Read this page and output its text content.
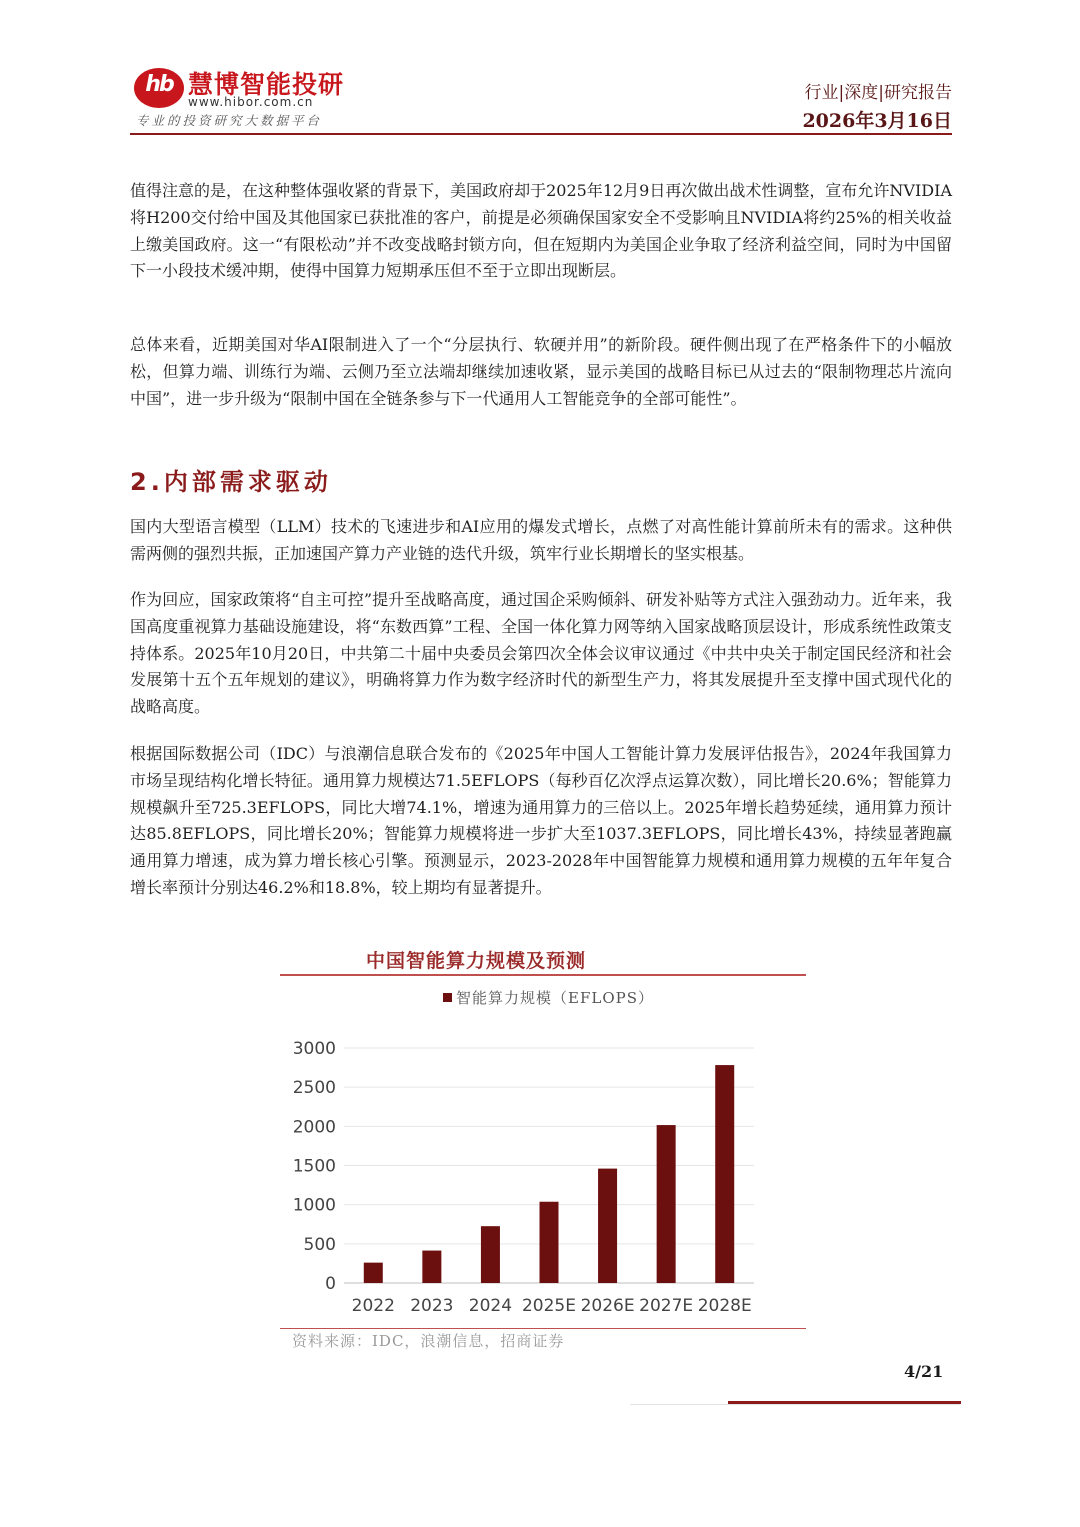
hb 慧博智能投研
www.hibor.com.cn
专业的投资研究大数据平台
行业|深度|研究报告
2026年3月16日

值得注意的是，在这种整体强收紧的背景下，美国政府却于2025年12月9日再次做出战术性调整，宣布允许NVIDIA将H200交付给中国及其他国家已获批准的客户，前提是必须确保国家安全不受影响且NVIDIA将约25%的相关收益上缴美国政府。这一“有限松动”并不改变战略封锁方向，但在短期内为美国企业争取了经济利益空间，同时为中国留下一小段技术缓冲期，使得中国算力短期承压但不至于立即出现断层。

总体来看，近期美国对华AI限制进入了一个“分层执行、软硬并用”的新阶段。硬件侧出现了在严格条件下的小幅放松，但算力端、训练行为端、云侧乃至立法端却继续加速收紧，显示美国的战略目标已从过去的“限制物理芯片流向中国”，进一步升级为“限制中国在全链条参与下一代通用人工智能竞争的全部可能性”。

2.内部需求驱动

国内大型语言模型（LLM）技术的飞速进步和AI应用的爆发式增长，点燃了对高性能计算前所未有的需求。这种供需两侧的强烈共振，正加速国产算力产业链的迭代升级，筑牢行业长期增长的坚实根基。

作为回应，国家政策将“自主可控”提升至战略高度，通过国企采购倾斜、研发补贴等方式注入强劲动力。近年来，我国高度重视算力基础设施建设，将“东数西算”工程、全国一体化算力网等纳入国家战略顶层设计，形成系统性政策支持体系。2025年10月20日，中共第二十届中央委员会第四次全体会议审议通过《中共中央关于制定国民经济和社会发展第十五个五年规划的建议》，明确将算力作为数字经济时代的新型生产力，将其发展提升至支撑中国式现代化的战略高度。

根据国际数据公司（IDC）与浪潮信息联合发布的《2025年中国人工智能计算力发展评估报告》，2024年我国算力市场呈现结构化增长特征。通用算力规模达71.5EFLOPS（每秒百亿次浮点运算次数），同比增长20.6%；智能算力规模飙升至725.3EFLOPS，同比大增74.1%，增速为通用算力的三倍以上。2025年增长趋势延续，通用算力预计达85.8EFLOPS，同比增长20%；智能算力规模将进一步扩大至1037.3EFLOPS，同比增长43%，持续显著跑赢通用算力增速，成为算力增长核心引擎。预测显示，2023-2028年中国智能算力规模和通用算力规模的五年年复合增长率预计分别达46.2%和18.8%，较上期均有显著提升。

中国智能算力规模及预测
智能算力规模（EFLOPS）
0
500
1000
1500
2000
2500
3000
2022 2023 2024 2025E 2026E 2027E 2028E
资料来源：IDC，浪潮信息，招商证券
4/21
